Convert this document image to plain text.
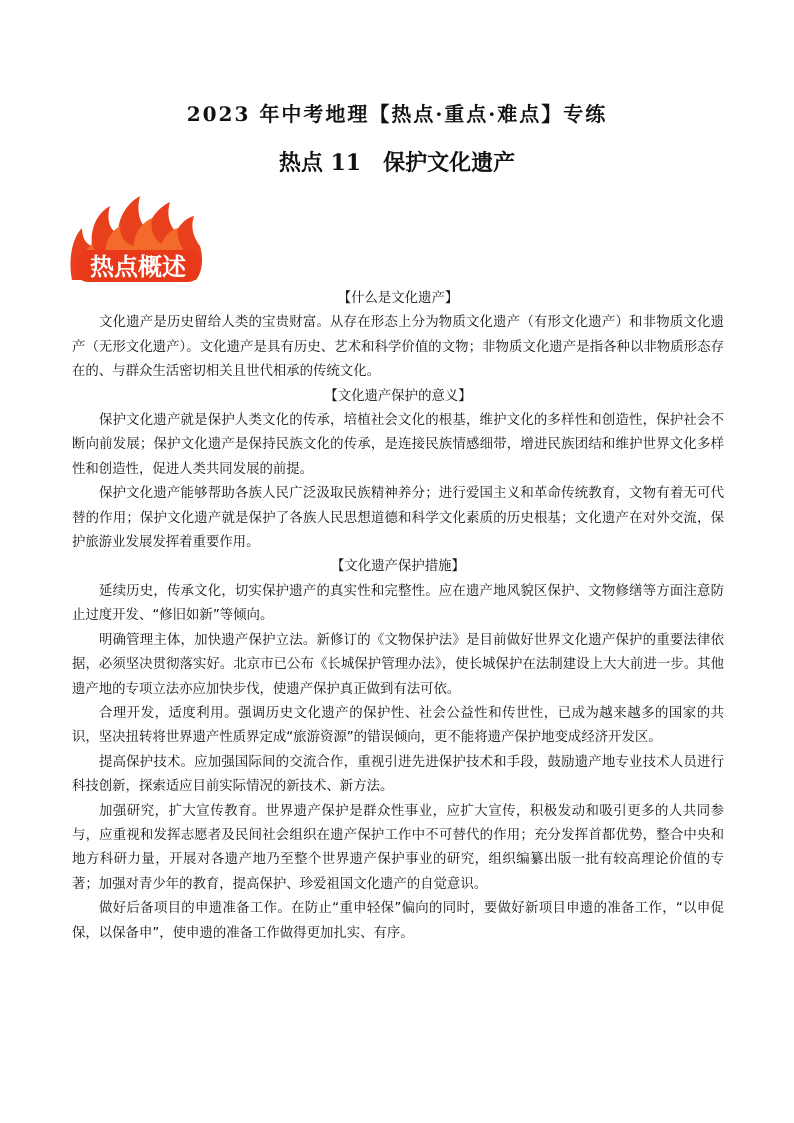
2023 年中考地理【热点·重点·难点】专练
热点 11 保护文化遗产
热点概述

【什么是文化遗产】

文化遗产是历史留给人类的宝贵财富。从存在形态上分为物质文化遗产（有形文化遗产）和非物质文化遗产（无形文化遗产）。文化遗产是具有历史、艺术和科学价值的文物；非物质文化遗产是指各种以非物质形态存在的、与群众生活密切相关且世代相承的传统文化。

【文化遗产保护的意义】

保护文化遗产就是保护人类文化的传承，培植社会文化的根基，维护文化的多样性和创造性，保护社会不断向前发展；保护文化遗产是保持民族文化的传承，是连接民族情感细带，增进民族团结和维护世界文化多样性和创造性，促进人类共同发展的前提。

保护文化遗产能够帮助各族人民广泛汲取民族精神养分；进行爱国主义和革命传统教育，文物有着无可代替的作用；保护文化遗产就是保护了各族人民思想道德和科学文化素质的历史根基；文化遗产在对外交流，保护旅游业发展发挥着重要作用。

【文化遗产保护措施】

延续历史，传承文化，切实保护遗产的真实性和完整性。应在遗产地风貌区保护、文物修缮等方面注意防止过度开发、“修旧如新”等倾向。

明确管理主体，加快遗产保护立法。新修订的《文物保护法》是目前做好世界文化遗产保护的重要法律依据，必须坚决贯彻落实好。北京市已公布《长城保护管理办法》，使长城保护在法制建设上大大前进一步。其他遗产地的专项立法亦应加快步伐，使遗产保护真正做到有法可依。

合理开发，适度利用。强调历史文化遗产的保护性、社会公益性和传世性，已成为越来越多的国家的共识，坚决扭转将世界遗产性质界定成“旅游资源”的错误倾向，更不能将遗产保护地变成经济开发区。

提高保护技术。应加强国际间的交流合作，重视引进先进保护技术和手段，鼓励遗产地专业技术人员进行科技创新，探索适应目前实际情况的新技术、新方法。

加强研究，扩大宣传教育。世界遗产保护是群众性事业，应扩大宣传，积极发动和吸引更多的人共同参与，应重视和发挥志愿者及民间社会组织在遗产保护工作中不可替代的作用；充分发挥首都优势，整合中央和地方科研力量，开展对各遗产地乃至整个世界遗产保护事业的研究，组织编纂出版一批有较高理论价值的专著；加强对青少年的教育，提高保护、珍爱祖国文化遗产的自觉意识。

做好后备项目的申遗准备工作。在防止“重申轻保”偏向的同时，要做好新项目申遗的准备工作，“以申促保，以保备申”，使申遗的准备工作做得更加扎实、有序。
